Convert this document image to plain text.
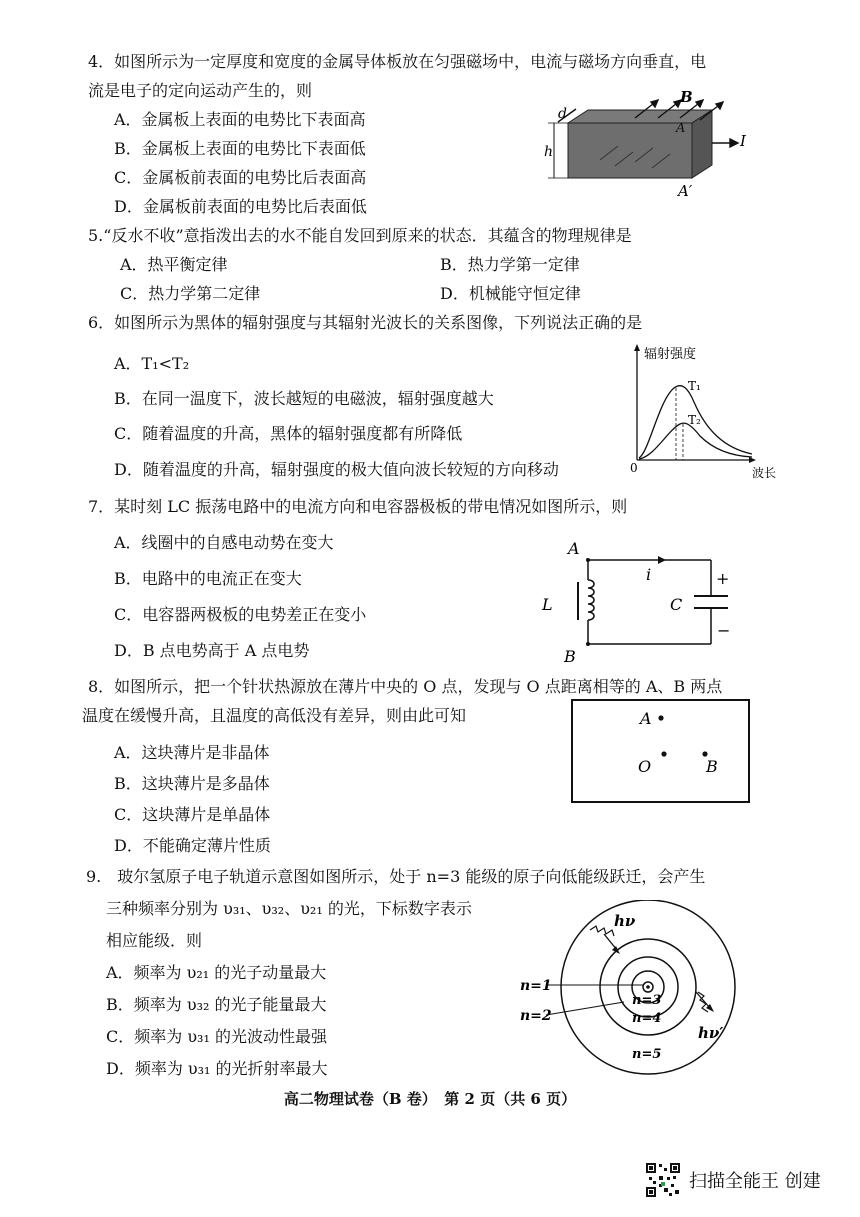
4．如图所示为一定厚度和宽度的金属导体板放在匀强磁场中，电流与磁场方向垂直，电
流是电子的定向运动产生的，则
A．金属板上表面的电势比下表面高
B．金属板上表面的电势比下表面低
C．金属板前表面的电势比后表面高
D．金属板前表面的电势比后表面低
d
h
B
I
A
A′
5.“反水不收”意指泼出去的水不能自发回到原来的状态．其蕴含的物理规律是
A．热平衡定律	B．热力学第一定律
C．热力学第二定律	D．机械能守恒定律
6．如图所示为黑体的辐射强度与其辐射光波长的关系图像，下列说法正确的是
A．T₁<T₂
B．在同一温度下，波长越短的电磁波，辐射强度越大
C．随着温度的升高，黑体的辐射强度都有所降低
D．随着温度的升高，辐射强度的极大值向波长较短的方向移动
辐射强度
波长
0
T₁
T₂
7．某时刻 LC 振荡电路中的电流方向和电容器极板的带电情况如图所示，则
A．线圈中的自感电动势在变大
B．电路中的电流正在变大
C．电容器两极板的电势差正在变小
D．B 点电势高于 A 点电势
A
B
L	C
i	+
−
8．如图所示，把一个针状热源放在薄片中央的 O 点，发现与 O 点距离相等的 A、B 两点
温度在缓慢升高，且温度的高低没有差异，则由此可知
A．这块薄片是非晶体
B．这块薄片是多晶体
C．这块薄片是单晶体
D．不能确定薄片性质
A
O	B
9.　玻尔氢原子电子轨道示意图如图所示，处于 n=3 能级的原子向低能级跃迁，会产生
三种频率分别为 υ₃₁、υ₃₂、υ₂₁ 的光，下标数字表示
相应能级．则
A．频率为 υ₂₁ 的光子动量最大
B．频率为 υ₃₂ 的光子能量最大
C．频率为 υ₃₁ 的光波动性最强
D．频率为 υ₃₁ 的光折射率最大
hν
hν′
n=1
n=2
n=3
n=4
n=5
高二物理试卷（B 卷）　第 2 页（共 6 页）
扫描全能王 创建
